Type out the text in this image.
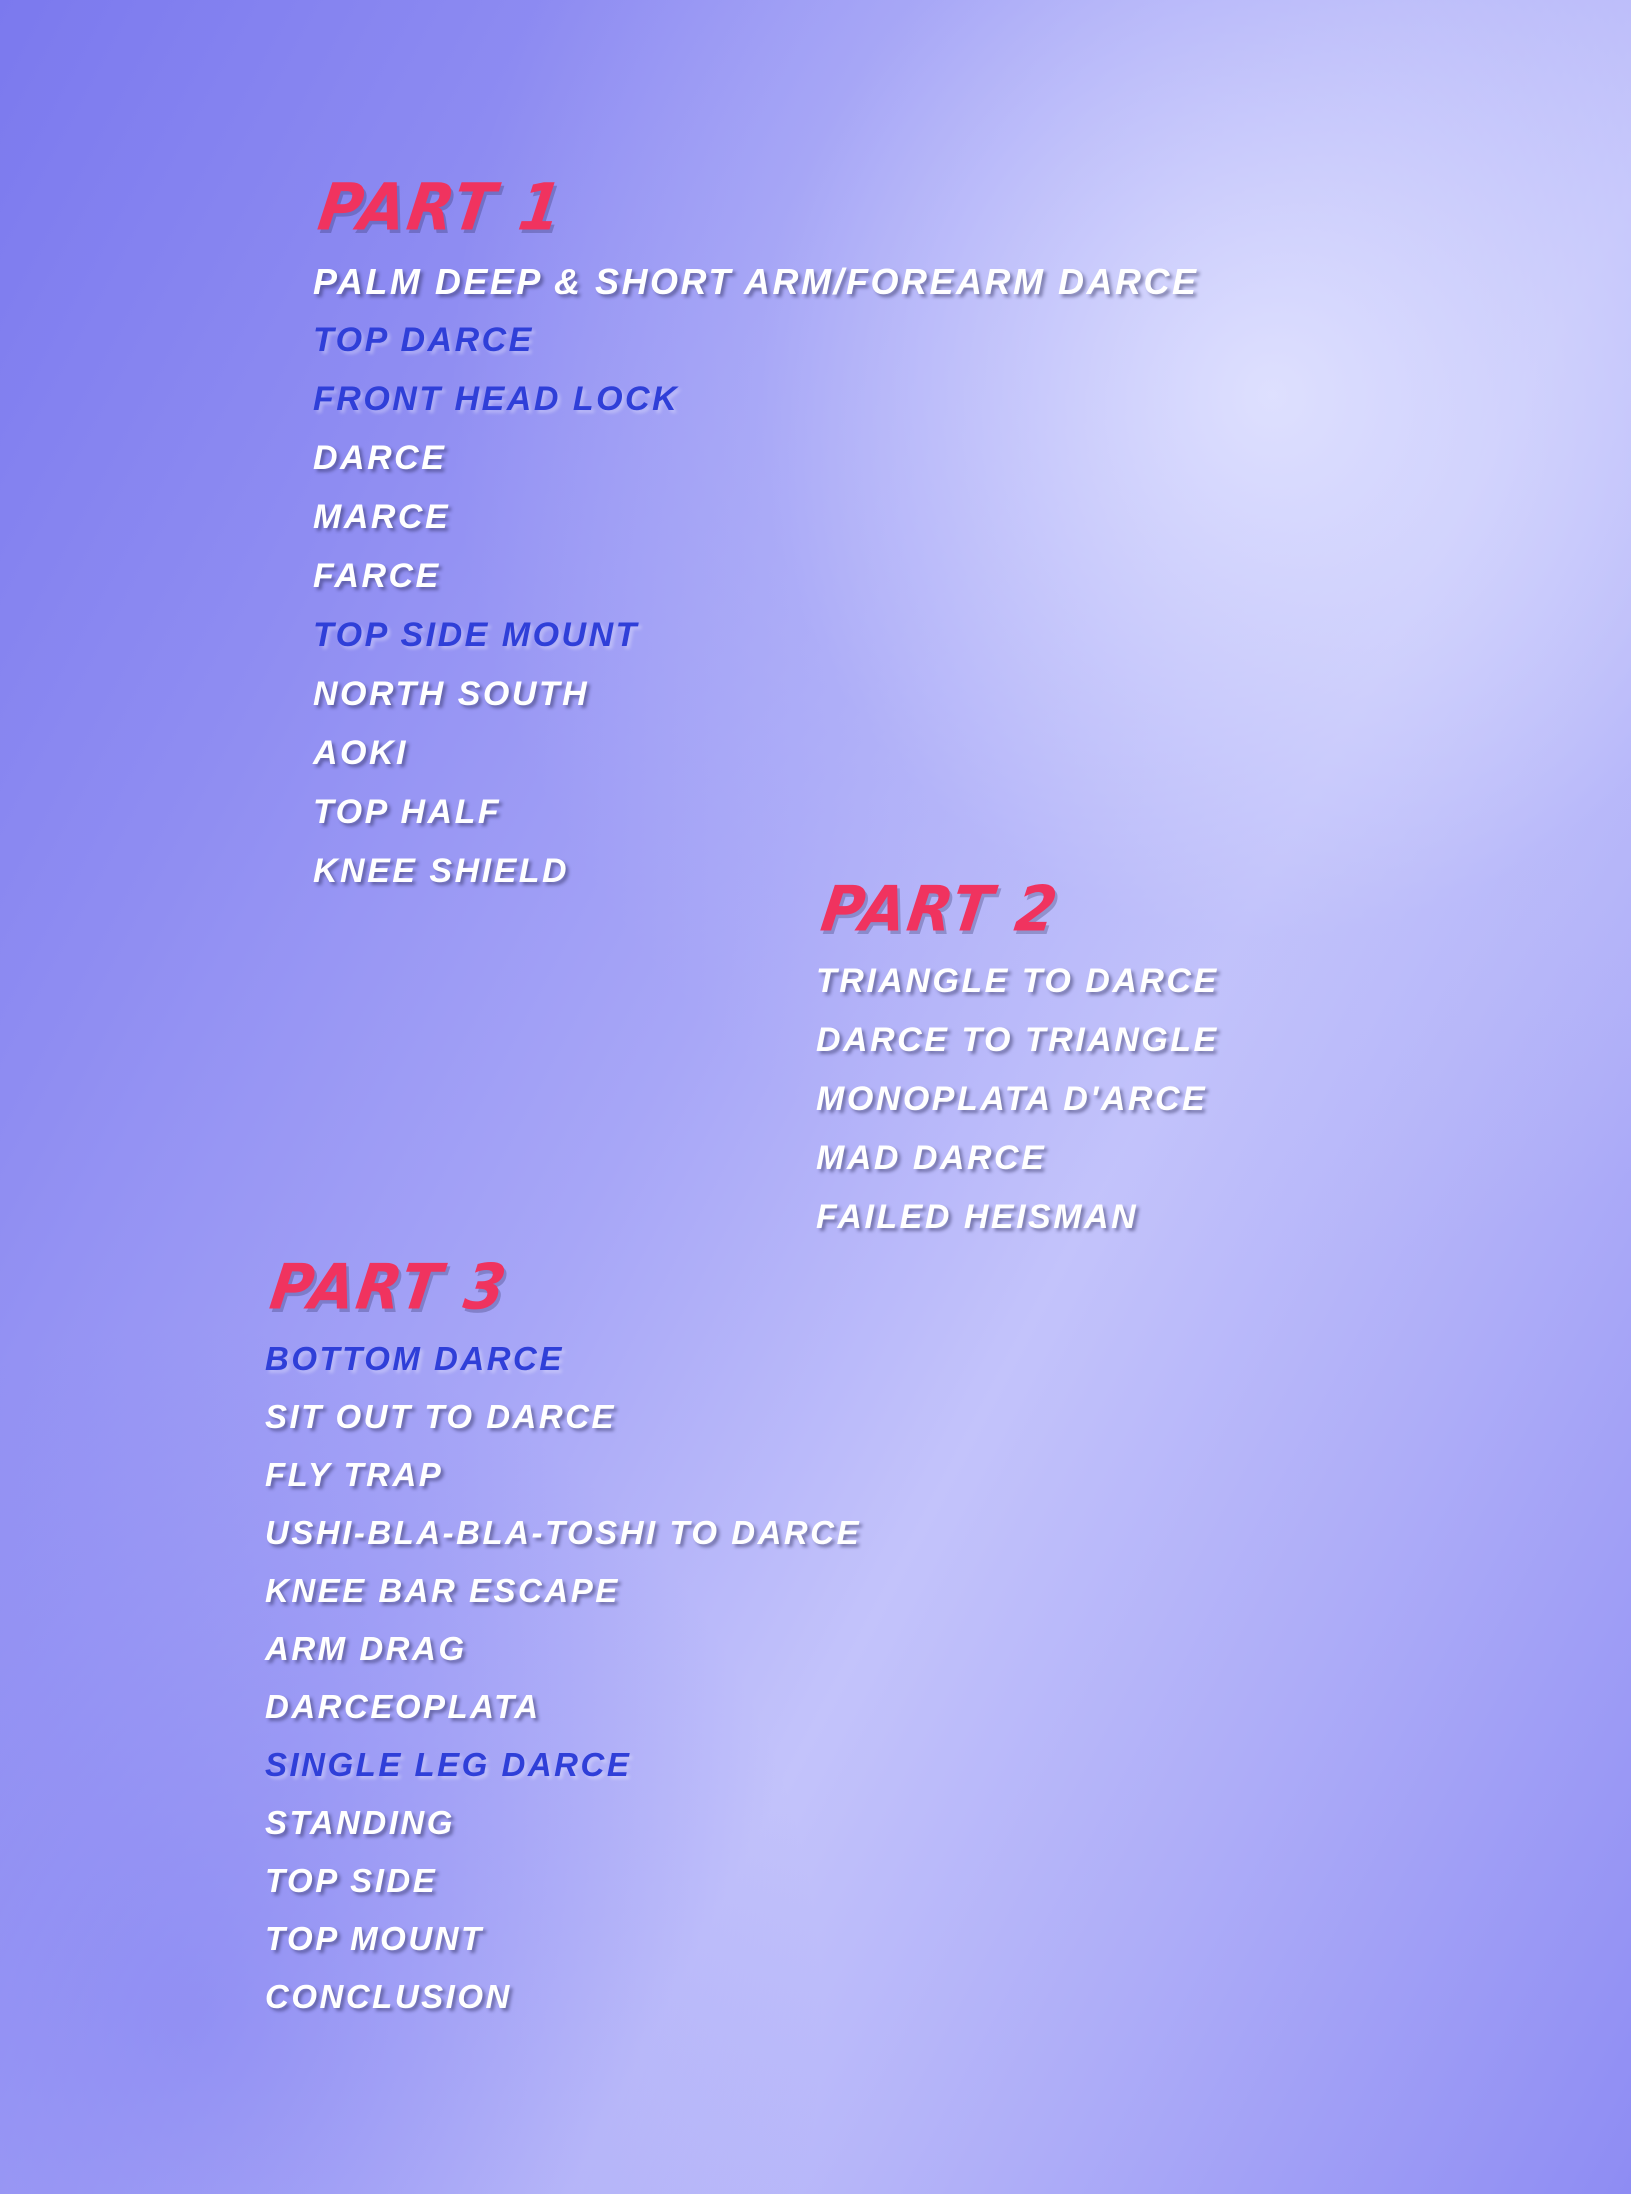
PART 1
PALM DEEP & SHORT ARM/FOREARM DARCE
TOP DARCE
FRONT HEAD LOCK
DARCE
MARCE
FARCE
TOP SIDE MOUNT
NORTH SOUTH
AOKI
TOP HALF
KNEE SHIELD
PART 2
TRIANGLE TO DARCE
DARCE TO TRIANGLE
MONOPLATA D'ARCE
MAD DARCE
FAILED HEISMAN
PART 3
BOTTOM DARCE
SIT OUT TO DARCE
FLY TRAP
USHI-BLA-BLA-TOSHI TO DARCE
KNEE BAR ESCAPE
ARM DRAG
DARCEOPLATA
SINGLE LEG DARCE
STANDING
TOP SIDE
TOP MOUNT
CONCLUSION
